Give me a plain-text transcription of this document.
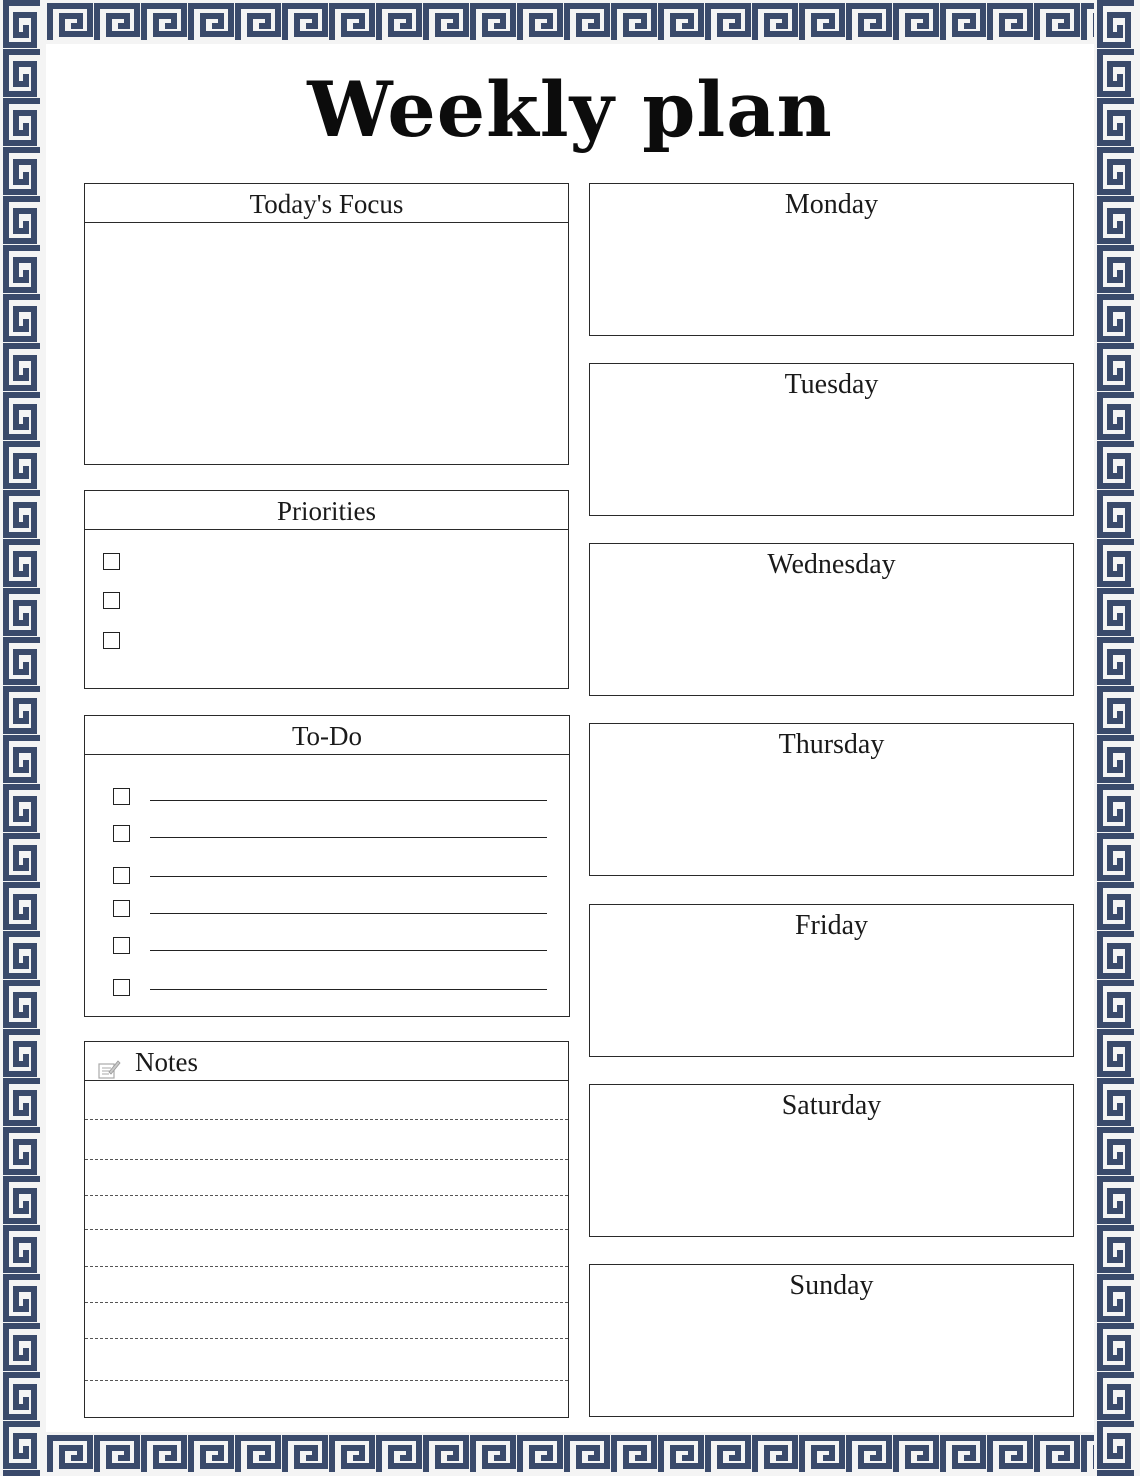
Weekly plan
Today's Focus
Priorities
To-Do
Notes
Monday
Tuesday
Wednesday
Thursday
Friday
Saturday
Sunday
